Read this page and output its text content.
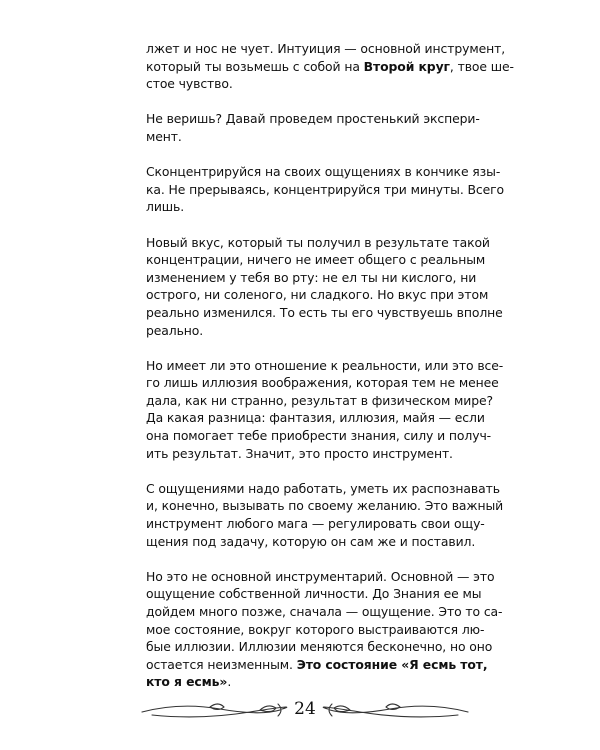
лжет и нос не чует. Интуиция — основной инструмент,
который ты возьмешь с собой на Второй круг, твое ше-
стое чувство.
Не веришь? Давай проведем простенький экспери-
мент.
Сконцентрируйся на своих ощущениях в кончике язы-
ка. Не прерываясь, концентрируйся три минуты. Всего
лишь.
Новый вкус, который ты получил в результате такой
концентрации, ничего не имеет общего с реальным
изменением у тебя во рту: не ел ты ни кислого, ни
острого, ни соленого, ни сладкого. Но вкус при этом
реально изменился. То есть ты его чувствуешь вполне
реально.
Но имеет ли это отношение к реальности, или это все-
го лишь иллюзия воображения, которая тем не менее
дала, как ни странно, результат в физическом мире?
Да какая разница: фантазия, иллюзия, майя — если
она помогает тебе приобрести знания, силу и получ-
ить результат. Значит, это просто инструмент.
С ощущениями надо работать, уметь их распознавать
и, конечно, вызывать по своему желанию. Это важный
инструмент любого мага — регулировать свои ощу-
щения под задачу, которую он сам же и поставил.
Но это не основной инструментарий. Основной — это
ощущение собственной личности. До Знания ее мы
дойдем много позже, сначала — ощущение. Это то са-
мое состояние, вокруг которого выстраиваются лю-
бые иллюзии. Иллюзии меняются бесконечно, но оно
остается неизменным. Это состояние «Я есмь тот,
кто я есмь».
24
